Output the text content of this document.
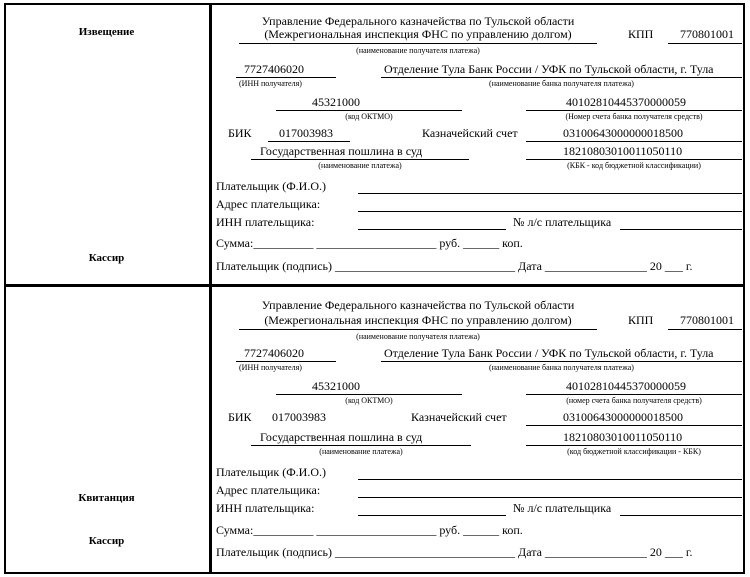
Извещение
Кассир
Управление Федерального казначейства по Тульской области
(Межрегиональная инспекция ФНС по управлению долгом)
(наименование получателя платежа)
КПП 770801001
7727406020
(ИНН получателя)
Отделение Тула Банк России / УФК по Тульской области, г. Тула
(наименование банка получателя платежа)
45321000
(код ОКТМО)
40102810445370000059
(Номер счета банка получателя средств)
БИК 017003983	Казначейский счет	03100643000000018500
Государственная пошлина в суд
(наименование платежа)
18210803010011050110
(КБК - код бюджетной классификации)
Плательщик (Ф.И.О.)
Адрес плательщика:
ИНН плательщика:	№ л/с плательщика
Сумма:__________ ____________________ руб. ______ коп.
Плательщик (подпись) ______________________________ Дата _________________ 20 ___ г.
Квитанция
Кассир
Управление Федерального казначейства по Тульской области
(Межрегиональная инспекция ФНС по управлению долгом)
(наименование получателя платежа)
КПП 770801001
7727406020
(ИНН получателя)
Отделение Тула Банк России / УФК по Тульской области, г. Тула
(наименование банка получателя платежа)
45321000
(код ОКТМО)
40102810445370000059
(номер счета банка получателя средств)
БИК 017003983	Казначейский счет	03100643000000018500
Государственная пошлина в суд
(наименование платежа)
18210803010011050110
(код бюджетной классификации - КБК)
Плательщик (Ф.И.О.)
Адрес плательщика:
ИНН плательщика:	№ л/с плательщика
Сумма:__________ ____________________ руб. ______ коп.
Плательщик (подпись) ______________________________ Дата _________________ 20 ___ г.
